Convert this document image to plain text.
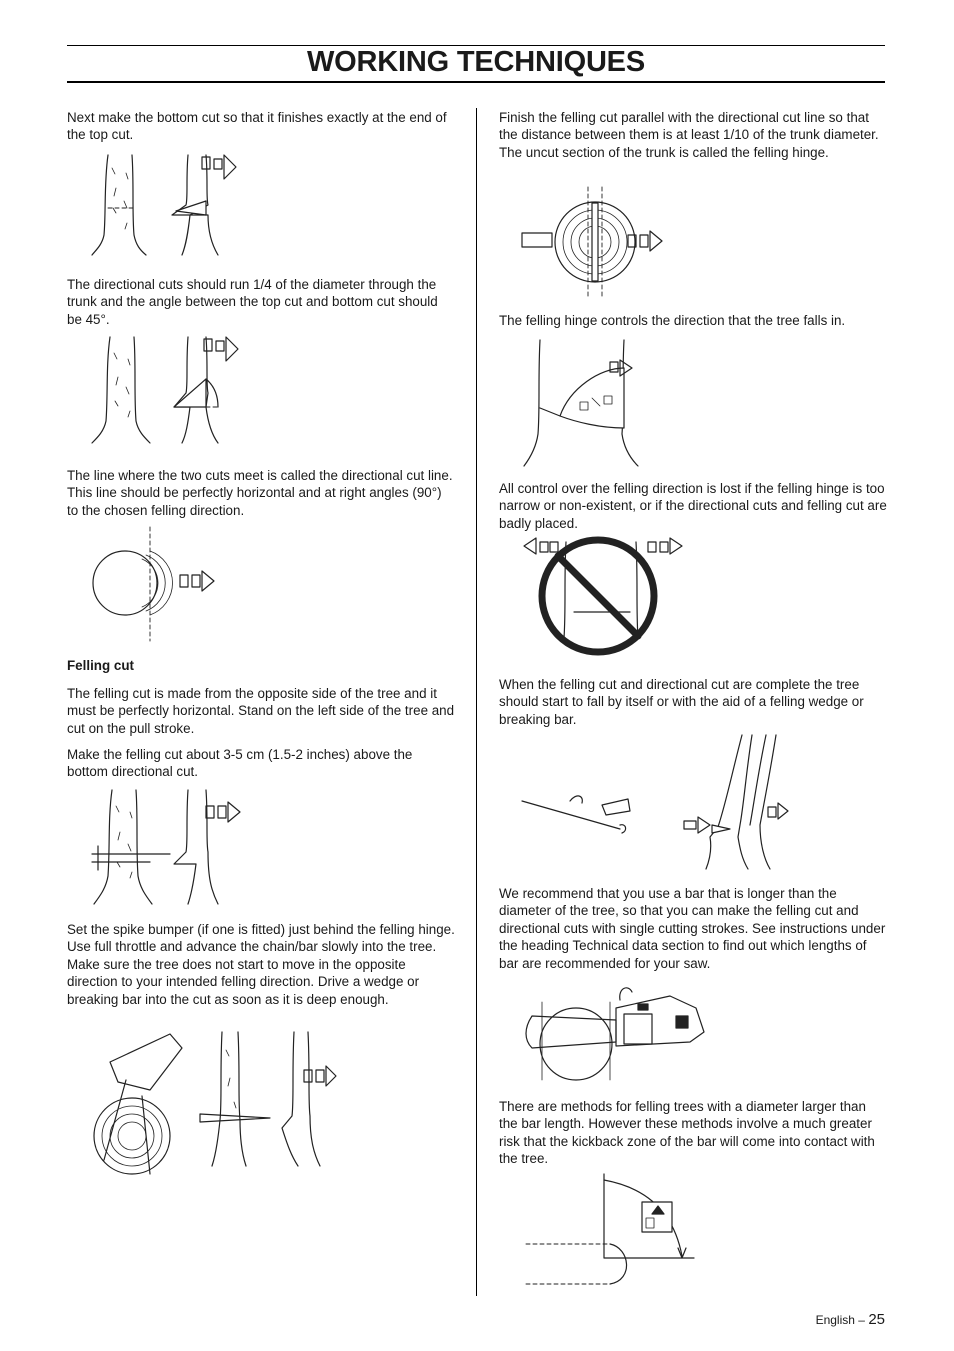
WORKING TECHNIQUES

Next make the bottom cut so that it finishes exactly at the end of the top cut.

The directional cuts should run 1/4 of the diameter through the trunk and the angle between the top cut and bottom cut should be 45°.

The line where the two cuts meet is called the directional cut line. This line should be perfectly horizontal and at right angles (90°) to the chosen felling direction.

Felling cut

The felling cut is made from the opposite side of the tree and it must be perfectly horizontal. Stand on the left side of the tree and cut on the pull stroke.

Make the felling cut about 3-5 cm (1.5-2 inches) above the bottom directional cut.

Set the spike bumper (if one is fitted) just behind the felling hinge. Use full throttle and advance the chain/bar slowly into the tree. Make sure the tree does not start to move in the opposite direction to your intended felling direction. Drive a wedge or breaking bar into the cut as soon as it is deep enough.

Finish the felling cut parallel with the directional cut line so that the distance between them is at least 1/10 of the trunk diameter. The uncut section of the trunk is called the felling hinge.

The felling hinge controls the direction that the tree falls in.

All control over the felling direction is lost if the felling hinge is too narrow or non-existent, or if the directional cuts and felling cut are badly placed.

When the felling cut and directional cut are complete the tree should start to fall by itself or with the aid of a felling wedge or breaking bar.

We recommend that you use a bar that is longer than the diameter of the tree, so that you can make the felling cut and directional cuts with single cutting strokes. See instructions under the heading Technical data section to find out which lengths of bar are recommended for your saw.

There are methods for felling trees with a diameter larger than the bar length. However these methods involve a much greater risk that the kickback zone of the bar will come into contact with the tree.

English – 25
